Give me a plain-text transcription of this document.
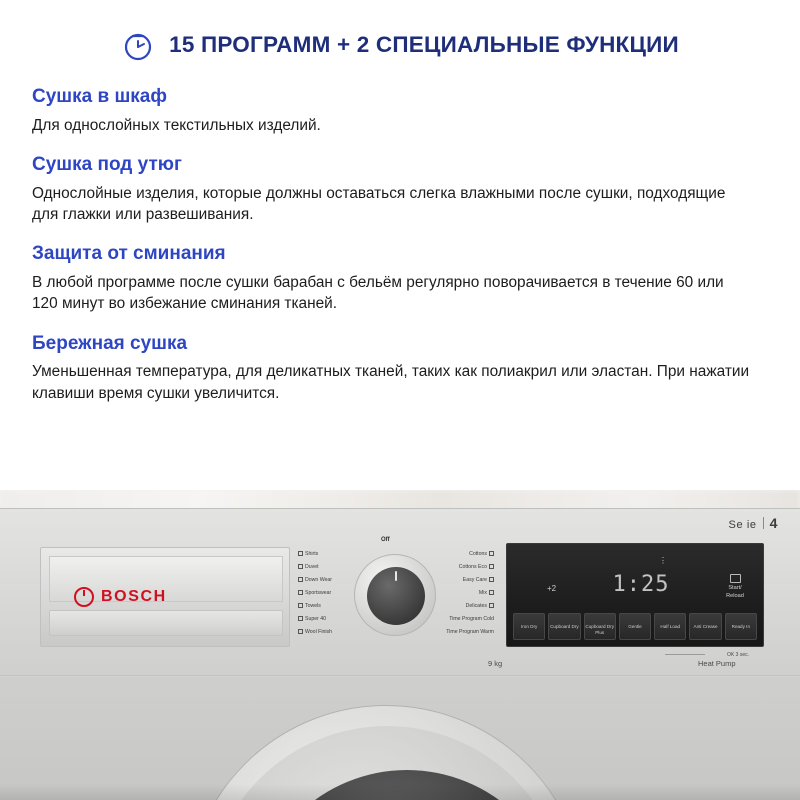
15 ПРОГРАММ + 2 СПЕЦИАЛЬНЫЕ ФУНКЦИИ
Сушка в шкаф

Для однослойных текстильных изделий.

Сушка под утюг

Однослойные изделия, которые должны оставаться слегка влажными после сушки, подходящие для глажки или развешивания.

Защита от сминания

В любой программе после сушки барабан с бельём регулярно поворачивается в течение 60 или 120 минут во избежание сминания тканей.

Бережная сушка

Уменьшенная температура, для деликатных тканей, таких как полиакрил или эластан. При нажатии клавиши время сушки увеличится.

BOSCH
Off
Shirts
Duvet
Down Wear
Sportswear
Towels
Super 40
Wool Finish
Cottons
Cottons Eco
Easy Care
Mix
Delicates
Time Program Cold
Time Program Warm
+2
⋮
1:25	Start/
Reload
Iron Dry	Cupboard Dry	Cupboard Dry Plus
Gentle	Half Load	Anti Crease	Ready In
OK 3 sec.
Se ie 4
9 kg	Heat Pump
